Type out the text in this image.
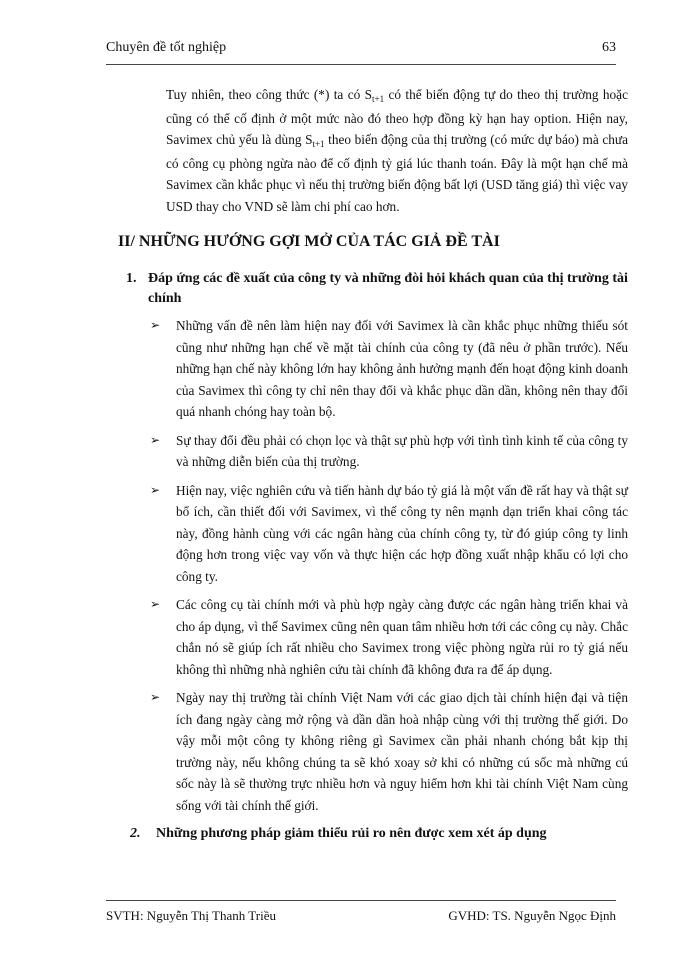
Chuyên đề tốt nghiệp	63

Tuy nhiên, theo công thức (*) ta có $S_{t+1}$ có thể biến động tự do theo thị trường hoặc cũng có thể cố định ở một mức nào đó theo hợp đồng kỳ hạn hay option. Hiện nay, Savimex chủ yếu là dùng $S_{t+1}$ theo biến động của thị trường (có mức dự báo) mà chưa có công cụ phòng ngừa nào để cố định tỷ giá lúc thanh toán. Đây là một hạn chế mà Savimex cần khắc phục vì nếu thị trường biến động bất lợi (USD tăng giá) thì việc vay USD thay cho VND sẽ làm chi phí cao hơn.

II/ NHỮNG HƯỚNG GỢI MỞ CỦA TÁC GIẢ ĐỀ TÀI
1. Đáp ứng các đề xuất của công ty và những đòi hỏi khách quan của thị trường tài chính
➢ Những vấn đề nên làm hiện nay đối với Savimex là cần khắc phục những thiếu sót cũng như những hạn chế về mặt tài chính của công ty (đã nêu ở phần trước). Nếu những hạn chế này không lớn hay không ảnh hưởng mạnh đến hoạt động kinh doanh của Savimex thì công ty chỉ nên thay đổi và khắc phục dần dần, không nên thay đổi quá nhanh chóng hay toàn bộ.
➢ Sự thay đổi đều phải có chọn lọc và thật sự phù hợp với tình tình kinh tế của công ty và những diễn biến của thị trường.
➢ Hiện nay, việc nghiên cứu và tiến hành dự báo tỷ giá là một vấn đề rất hay và thật sự bổ ích, cần thiết đối với Savimex, vì thế công ty nên mạnh dạn triển khai công tác này, đồng hành cùng với các ngân hàng của chính công ty, từ đó giúp công ty linh động hơn trong việc vay vốn và thực hiện các hợp đồng xuất nhập khẩu có lợi cho công ty.
➢ Các công cụ tài chính mới và phù hợp ngày càng được các ngân hàng triển khai và cho áp dụng, vì thế Savimex cũng nên quan tâm nhiều hơn tới các công cụ này. Chắc chắn nó sẽ giúp ích rất nhiều cho Savimex trong việc phòng ngừa rủi ro tỷ giá nếu không thì những nhà nghiên cứu tài chính đã không đưa ra để áp dụng.
➢ Ngày nay thị trường tài chính Việt Nam với các giao dịch tài chính hiện đại và tiện ích đang ngày càng mở rộng và dần dần hoà nhập cùng với thị trường thế giới. Do vậy mỗi một công ty không riêng gì Savimex cần phải nhanh chóng bắt kịp thị trường này, nếu không chúng ta sẽ khó xoay sở khi có những cú sốc mà những cú sốc này là sẽ thường trực nhiều hơn và nguy hiểm hơn khi tài chính Việt Nam cùng sống với tài chính thế giới.
2.	Những phương pháp giảm thiểu rủi ro nên được xem xét áp dụng
SVTH: Nguyễn Thị Thanh Triều	GVHD: TS. Nguyễn Ngọc Định
